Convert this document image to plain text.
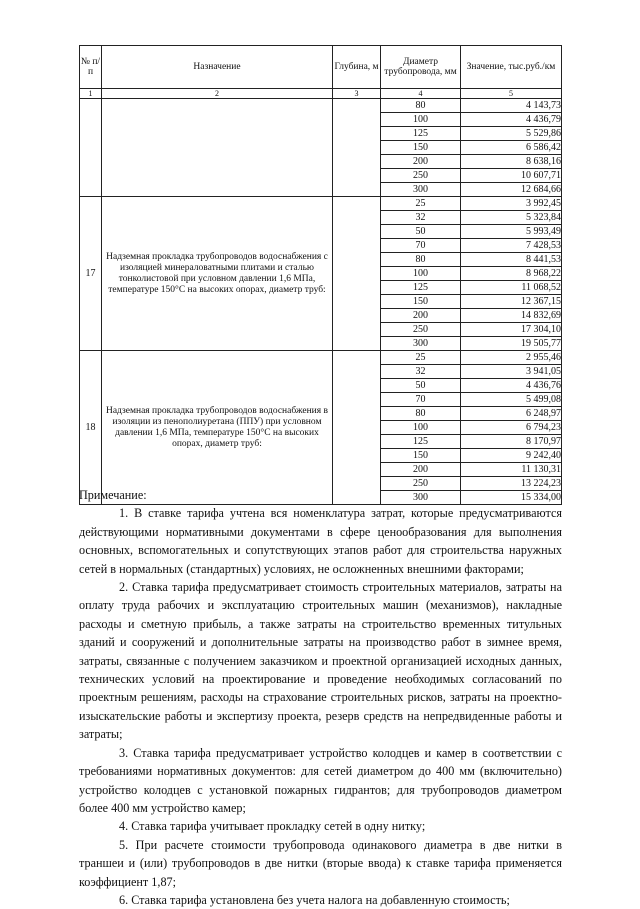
№ п/п	Назначение	Глубина, м	Диаметр трубопровода, мм	Значение, тыс.руб./км
1	2	3	4	5
			80	4 143,73
			100	4 436,79
			125	5 529,86
			150	6 586,42
			200	8 638,16
			250	10 607,71
			300	12 684,66
17	Надземная прокладка трубопроводов водоснабжения с изоляцией минераловатными плитами и сталью тонколистовой при условном давлении 1,6 МПа, температуре 150°С на высоких опорах, диаметр труб:		25	3 992,45
			32	5 323,84
			50	5 993,49
			70	7 428,53
			80	8 441,53
			100	8 968,22
			125	11 068,52
			150	12 367,15
			200	14 832,69
			250	17 304,10
			300	19 505,77
18	Надземная прокладка трубопроводов водоснабжения в изоляции из пенополиуретана (ППУ) при условном давлении 1,6 МПа, температуре 150°С на высоких опорах, диаметр труб:		25	2 955,46
			32	3 941,05
			50	4 436,76
			70	5 499,08
			80	6 248,97
			100	6 794,23
			125	8 170,97
			150	9 242,40
			200	11 130,31
			250	13 224,23
			300	15 334,00

Примечание:

1. В ставке тарифа учтена вся номенклатура затрат, которые предусматриваются действующими нормативными документами в сфере ценообразования для выполнения основных, вспомогательных и сопутствующих этапов работ для строительства наружных сетей в нормальных (стандартных) условиях, не осложненных внешними факторами;

2. Ставка тарифа предусматривает стоимость строительных материалов, затраты на оплату труда рабочих и эксплуатацию строительных машин (механизмов), накладные расходы и сметную прибыль, а также затраты на строительство временных титульных зданий и сооружений и дополнительные затраты на производство работ в зимнее время, затраты, связанные с получением заказчиком и проектной организацией исходных данных, технических условий на проектирование и проведение необходимых согласований по проектным решениям, расходы на страхование строительных рисков, затраты на проектно-изыскательские работы и экспертизу проекта, резерв средств на непредвиденные работы и затраты;

3. Ставка тарифа предусматривает устройство колодцев и камер в соответствии с требованиями нормативных документов: для сетей диаметром до 400 мм (включительно) устройство колодцев с установкой пожарных гидрантов; для трубопроводов диаметром более 400 мм устройство камер;

4. Ставка тарифа учитывает прокладку сетей в одну нитку;

5. При расчете стоимости трубопровода одинакового диаметра в две нитки в траншеи и (или) трубопроводов в две нитки (вторые ввода) к ставке тарифа применяется коэффициент 1,87;

6. Ставка тарифа установлена без учета налога на добавленную стоимость;
